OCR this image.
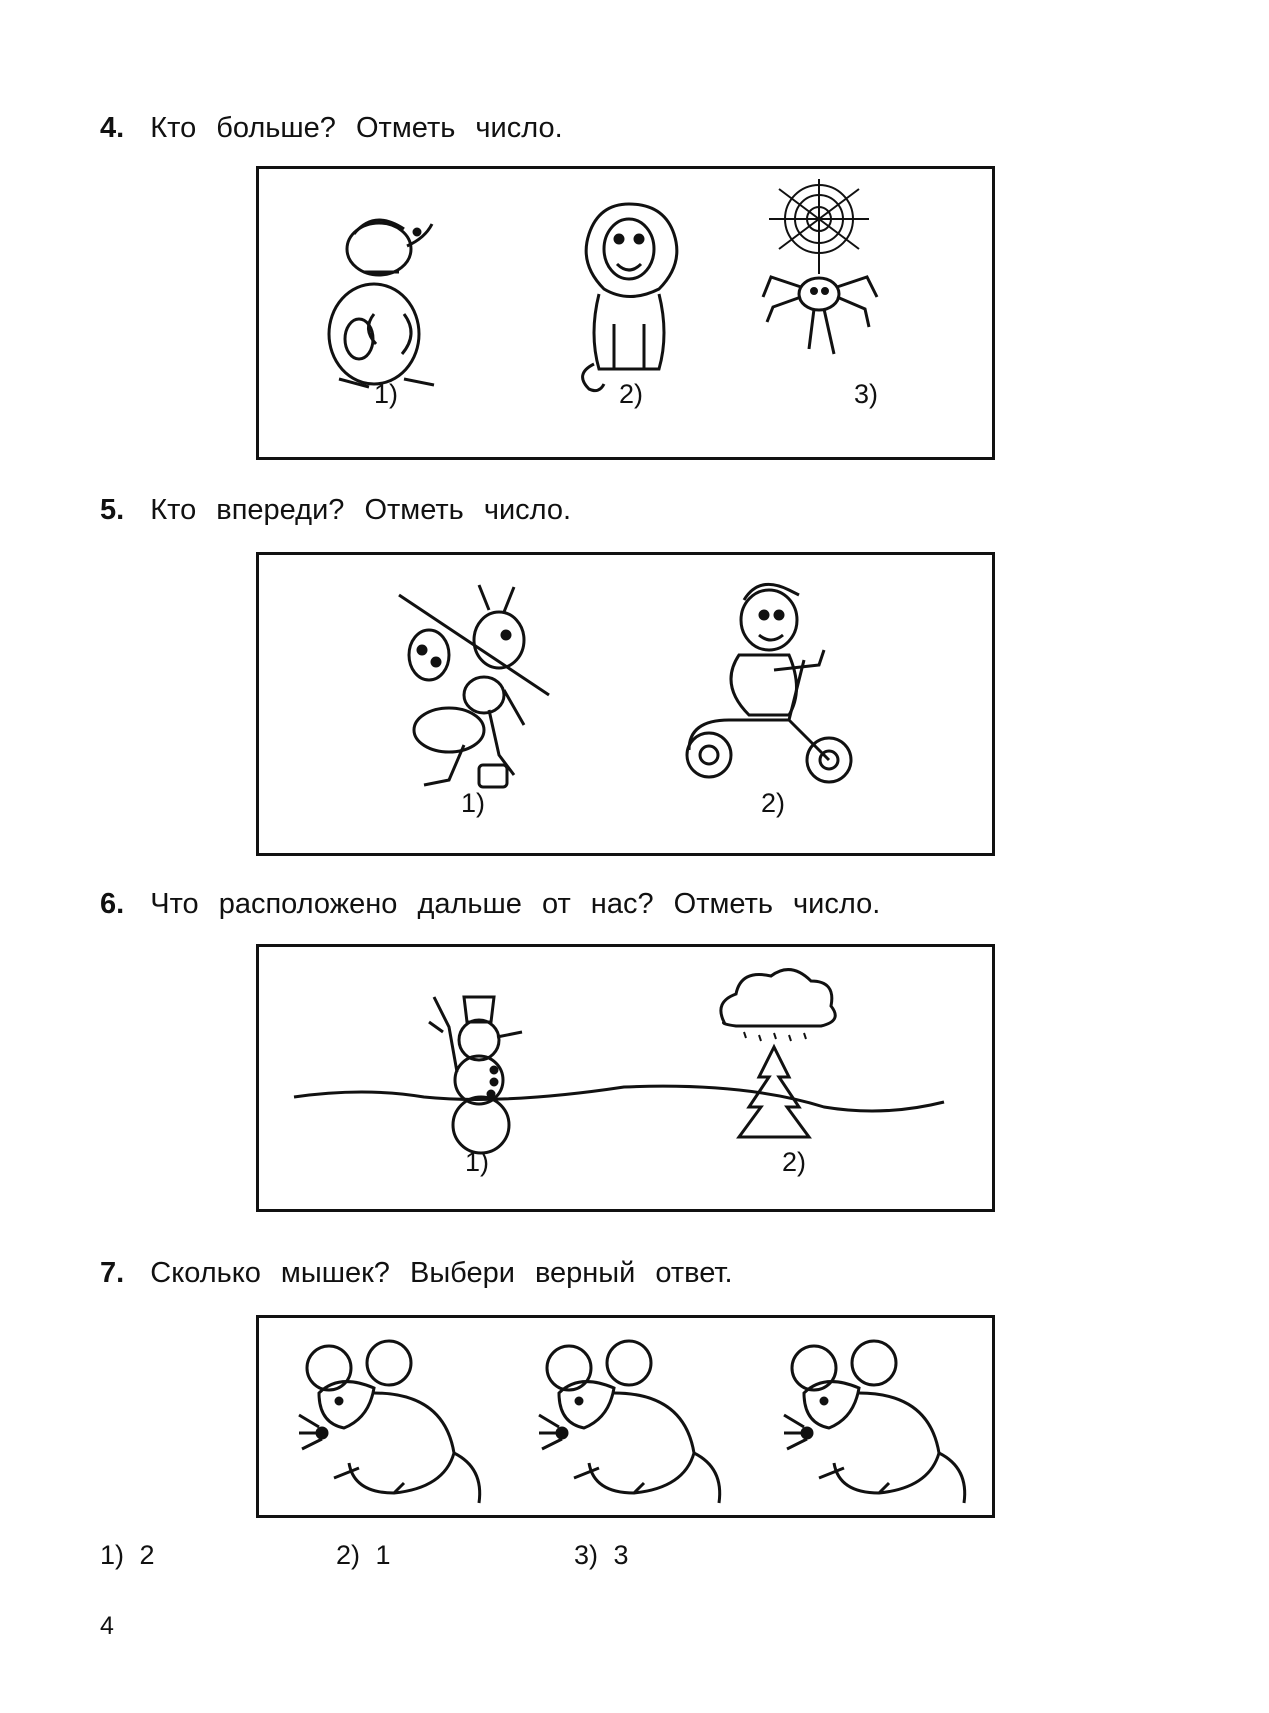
4. Кто больше? Отметь число.
1)	2)	3)
5. Кто впереди? Отметь число.
1)	2)
6. Что расположено дальше от нас? Отметь число.
1)	2)
7. Сколько мышек? Выбери верный ответ.
1) 2	2) 1	3) 3
4
